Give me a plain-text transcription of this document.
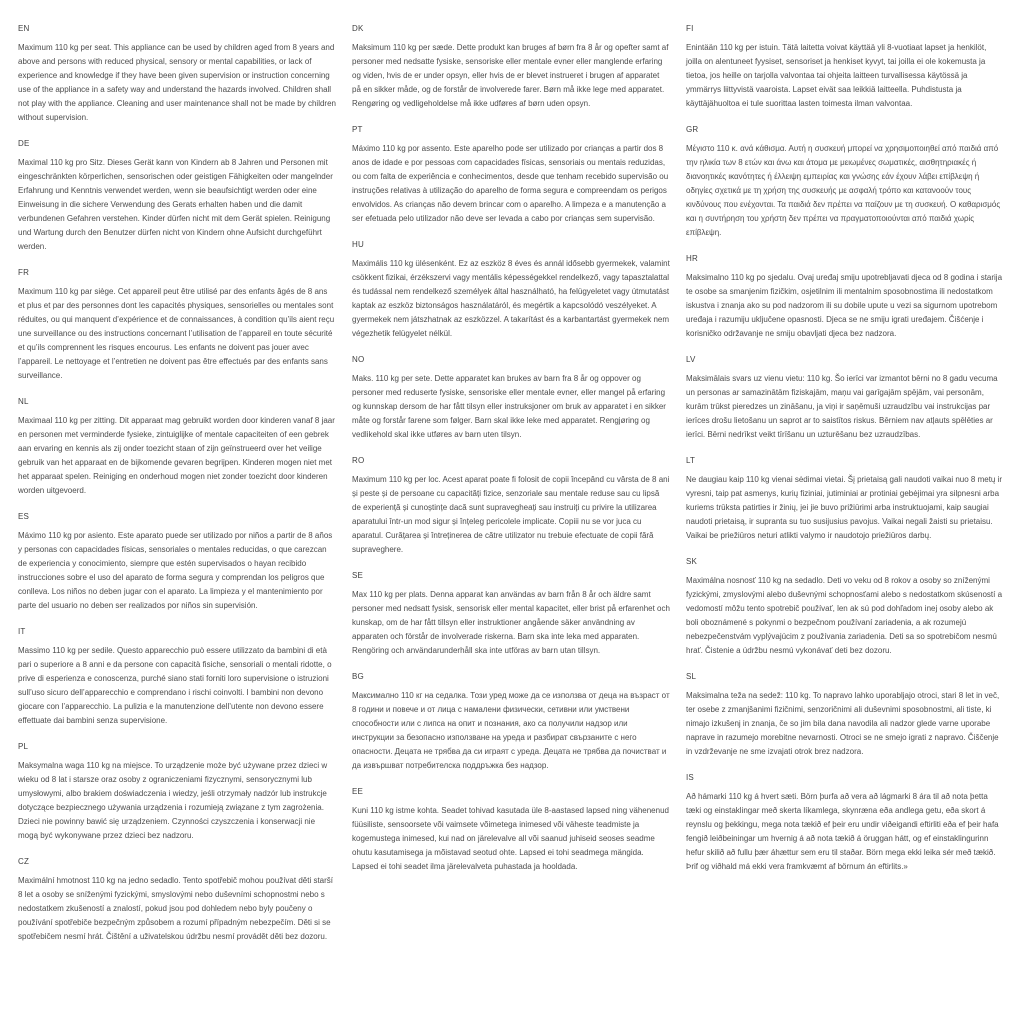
EN

Maximum 110 kg per seat. This appliance can be used by children aged from 8 years and above and persons with reduced physical, sensory or mental capabilities, or lack of experience and knowledge if they have been given supervision or instruction concerning use of the appliance in a safety way and understand the hazards involved. Children shall not play with the appliance. Cleaning and user maintenance shall not be made by children without supervision.

DE

Maximal 110 kg pro Sitz. Dieses Gerät kann von Kindern ab 8 Jahren und Personen mit eingeschränkten körperlichen, sensorischen oder geistigen Fähigkeiten oder mangelnder Erfahrung und Kenntnis verwendet werden, wenn sie beaufsichtigt werden oder eine Einweisung in die sichere Verwendung des Gerats erhalten haben und die damit verbundenen Gefahren verstehen. Kinder dürfen nicht mit dem Gerät spielen. Reinigung und Wartung durch den Benutzer dürfen nicht von Kindern ohne Aufsicht durchgeführt werden.

FR

Maximum 110 kg par siège. Cet appareil peut être utilisé par des enfants âgés de 8 ans et plus et par des personnes dont les capacités physiques, sensorielles ou mentales sont réduites, ou qui manquent d’expérience et de connaissances, à condition qu’ils aient reçu une surveillance ou des instructions concernant l’utilisation de l’appareil en toute sécurité et qu’ils comprennent les risques encourus. Les enfants ne doivent pas jouer avec l’appareil. Le nettoyage et l’entretien ne doivent pas être effectués par des enfants sans surveillance.

NL

Maximaal 110 kg per zitting. Dit apparaat mag gebruikt worden door kinderen vanaf 8 jaar en personen met verminderde fysieke, zintuiglijke of mentale capaciteiten of een gebrek aan ervaring en kennis als zij onder toezicht staan of zijn geïnstrueerd over het veilige gebruik van het apparaat en de bijkomende gevaren begrijpen. Kinderen mogen niet met het apparaat spelen. Reiniging en onderhoud mogen niet zonder toezicht door kinderen worden uitgevoerd.

ES

Máximo 110 kg por asiento. Este aparato puede ser utilizado por niños a partir de 8 años y personas con capacidades físicas, sensoriales o mentales reducidas, o que carezcan de experiencia y conocimiento, siempre que estén supervisados o hayan recibido instrucciones sobre el uso del aparato de forma segura y comprendan los peligros que conlleva. Los niños no deben jugar con el aparato. La limpieza y el mantenimiento por parte del usuario no deben ser realizados por niños sin supervisión.

IT

Massimo 110 kg per sedile. Questo apparecchio può essere utilizzato da bambini di età pari o superiore a 8 anni e da persone con capacità fisiche, sensoriali o mentali ridotte, o prive di esperienza e conoscenza, purché siano stati forniti loro supervisione o istruzioni sull’uso sicuro dell’apparecchio e comprendano i rischi coinvolti. I bambini non devono giocare con l’apparecchio. La pulizia e la manutenzione dell’utente non devono essere effettuate dai bambini senza supervisione.

PL

Maksymalna waga 110 kg na miejsce. To urządzenie może być używane przez dzieci w wieku od 8 lat i starsze oraz osoby z ograniczeniami fizycznymi, sensorycznymi lub umysłowymi, albo brakiem doświadczenia i wiedzy, jeśli otrzymały nadzór lub instrukcje dotyczące bezpiecznego używania urządzenia i rozumieją związane z tym zagrożenia. Dzieci nie powinny bawić się urządzeniem. Czynności czyszczenia i konserwacji nie mogą być wykonywane przez dzieci bez nadzoru.

CZ

Maximální hmotnost 110 kg na jedno sedadlo. Tento spotřebič mohou používat děti starší 8 let a osoby se sníženými fyzickými, smyslovými nebo duševními schopnostmi nebo s nedostatkem zkušeností a znalostí, pokud jsou pod dohledem nebo byly poučeny o používání spotřebiče bezpečným způsobem a rozumí případným nebezpečím. Děti si se spotřebičem nesmí hrát. Čištění a uživatelskou údržbu nesmí provádět děti bez dozoru.

DK

Maksimum 110 kg per sæde. Dette produkt kan bruges af børn fra 8 år og opefter samt af personer med nedsatte fysiske, sensoriske eller mentale evner eller manglende erfaring og viden, hvis de er under opsyn, eller hvis de er blevet instrueret i brugen af apparatet på en sikker måde, og de forstår de involverede farer. Børn må ikke lege med apparatet. Rengøring og vedligeholdelse må ikke udføres af børn uden opsyn.

PT

Máximo 110 kg por assento. Este aparelho pode ser utilizado por crianças a partir dos 8 anos de idade e por pessoas com capacidades físicas, sensoriais ou mentais reduzidas, ou com falta de experiência e conhecimentos, desde que tenham recebido supervisão ou instruções relativas à utilização do aparelho de forma segura e compreendam os perigos envolvidos. As crianças não devem brincar com o aparelho. A limpeza e a manutenção a ser efetuada pelo utilizador não deve ser levada a cabo por crianças sem supervisão.

HU

Maximális 110 kg ülésenként. Ez az eszköz 8 éves és annál idősebb gyermekek, valamint csökkent fizikai, érzékszervi vagy mentális képességekkel rendelkező, vagy tapasztalattal és tudással nem rendelkező személyek által használható, ha felügyeletet vagy útmutatást kaptak az eszköz biztonságos használatáról, és megértik a kapcsolódó veszélyeket. A gyermekek nem játszhatnak az eszközzel. A takarítást és a karbantartást gyermekek nem végezhetik felügyelet nélkül.

NO

Maks. 110 kg per sete. Dette apparatet kan brukes av barn fra 8 år og oppover og personer med reduserte fysiske, sensoriske eller mentale evner, eller mangel på erfaring og kunnskap dersom de har fått tilsyn eller instruksjoner om bruk av apparatet i en sikker måte og forstår farene som følger. Barn skal ikke leke med apparatet. Rengjøring og vedlikehold skal ikke utføres av barn uten tilsyn.

RO

Maximum 110 kg per loc. Acest aparat poate fi folosit de copii începând cu vârsta de 8 ani și peste și de persoane cu capacități fizice, senzoriale sau mentale reduse sau cu lipsă de experiență și cunoștințe dacă sunt supravegheați sau instruiți cu privire la utilizarea aparatului într-un mod sigur și înțeleg pericolele implicate. Copiii nu se vor juca cu aparatul. Curățarea și întreținerea de către utilizator nu trebuie efectuate de copii fără supraveghere.

SE

Max 110 kg per plats. Denna apparat kan användas av barn från 8 år och äldre samt personer med nedsatt fysisk, sensorisk eller mental kapacitet, eller brist på erfarenhet och kunskap, om de har fått tillsyn eller instruktioner angående säker användning av apparaten och förstår de involverade riskerna. Barn ska inte leka med apparaten. Rengöring och användarunderhåll ska inte utföras av barn utan tillsyn.

BG

Максимално 110 кг на седалка. Този уред може да се използва от деца на възраст от 8 години и повече и от лица с намалени физически, сетивни или умствени способности или с липса на опит и познания, ако са получили надзор или инструкции за безопасно използване на уреда и разбират свързаните с него опасности. Децата не трябва да си играят с уреда. Децата не трябва да почистват и да извършват потребителска поддръжка без надзор.

EE

Kuni 110 kg istme kohta. Seadet tohivad kasutada üle 8-aastased lapsed ning vähenenud füüsiliste, sensoorsete või vaimsete võimetega inimesed või väheste teadmiste ja kogemustega inimesed, kui nad on järelevalve all või saanud juhiseid seoses seadme ohutu kasutamisega ja mõistavad seotud ohte. Lapsed ei tohi seadmega mängida. Lapsed ei tohi seadet ilma järelevalveta puhastada ja hooldada.

FI

Enintään 110 kg per istuin. Tätä laitetta voivat käyttää yli 8-vuotiaat lapset ja henkilöt, joilla on alentuneet fyysiset, sensoriset ja henkiset kyvyt, tai joilla ei ole kokemusta ja tietoa, jos heille on tarjolla valvontaa tai ohjeita laitteen turvallisessa käytössä ja ymmärrys liittyvistä vaaroista. Lapset eivät saa leikkiä laitteella. Puhdistusta ja käyttäjähuoltoa ei tule suorittaa lasten toimesta ilman valvontaa.

GR

Μέγιστο 110 κ. ανά κάθισμα. Αυτή η συσκευή μπορεί να χρησιμοποιηθεί από παιδιά από την ηλικία των 8 ετών και άνω και άτομα με μειωμένες σωματικές, αισθητηριακές ή διανοητικές ικανότητες ή έλλειψη εμπειρίας και γνώσης εάν έχουν λάβει επίβλεψη ή οδηγίες σχετικά με τη χρήση της συσκευής με ασφαλή τρόπο και κατανοούν τους κινδύνους που ενέχονται. Τα παιδιά δεν πρέπει να παίζουν με τη συσκευή. Ο καθαρισμός και η συντήρηση του χρήστη δεν πρέπει να πραγματοποιούνται από παιδιά χωρίς επίβλεψη.

HR

Maksimalno 110 kg po sjedalu. Ovaj uređaj smiju upotrebljavati djeca od 8 godina i starija te osobe sa smanjenim fizičkim, osjetilnim ili mentalnim sposobnostima ili nedostatkom iskustva i znanja ako su pod nadzorom ili su dobile upute u vezi sa sigurnom upotrebom uređaja i razumiju uključene opasnosti. Djeca se ne smiju igrati uređajem. Čišćenje i korisničko održavanje ne smiju obavljati djeca bez nadzora.

LV

Maksimālais svars uz vienu vietu: 110 kg. Šo ierīci var izmantot bērni no 8 gadu vecuma un personas ar samazinātām fiziskajām, maņu vai garīgajām spējām, vai personām, kurām trūkst pieredzes un zināšanu, ja viņi ir saņēmuši uzraudzību vai instrukcijas par ierīces drošu lietošanu un saprot ar to saistītos riskus. Bērniem nav atļauts spēlēties ar ierīci. Bērni nedrīkst veikt tīrīšanu un uzturēšanu bez uzraudzības.

LT

Ne daugiau kaip 110 kg vienai sėdimai vietai. Šį prietaisą gali naudoti vaikai nuo 8 metų ir vyresni, taip pat asmenys, kurių fiziniai, jutiminiai ar protiniai gebėjimai yra silpnesni arba kuriems trūksta patirties ir žinių, jei jie buvo prižiūrimi arba instruktuojami, kaip saugiai naudoti prietaisą, ir supranta su tuo susijusius pavojus. Vaikai negali žaisti su prietaisu. Vaikai be priežiūros neturi atlikti valymo ir naudotojo priežiūros darbų.

SK

Maximálna nosnosť 110 kg na sedadlo. Deti vo veku od 8 rokov a osoby so zníženými fyzickými, zmyslovými alebo duševnými schopnosťami alebo s nedostatkom skúseností a vedomostí môžu tento spotrebič používať, len ak sú pod dohľadom inej osoby alebo ak boli oboznámené s pokynmi o bezpečnom používaní zariadenia, a ak rozumejú nebezpečenstvám vyplývajúcim z používania zariadenia. Deti sa so spotrebičom nesmú hrať. Čistenie a údržbu nesmú vykonávať deti bez dozoru.

SL

Maksimalna teža na sedež: 110 kg. To napravo lahko uporabljajo otroci, stari 8 let in več, ter osebe z zmanjšanimi fizičnimi, senzoričnimi ali duševnimi sposobnostmi, ali tiste, ki nimajo izkušenj in znanja, če so jim bila dana navodila ali nadzor glede varne uporabe naprave in razumejo morebitne nevarnosti. Otroci se ne smejo igrati z napravo. Čiščenje in vzdrževanje ne sme izvajati otrok brez nadzora.

IS

Að hámarki 110 kg á hvert sæti. Börn þurfa að vera að lágmarki 8 ára til að nota þetta tæki og einstaklingar með skerta líkamlega, skynræna eða andlega getu, eða skort á reynslu og þekkingu, mega nota tækið ef þeir eru undir viðeigandi eftirliti eða ef þeir hafa fengið leiðbeiningar um hvernig á að nota tækið á öruggan hátt, og ef einstaklingurinn hefur skilið að fullu þær áhættur sem eru til staðar. Börn mega ekki leika sér með tækið. Þrif og viðhald má ekki vera framkvæmt af börnum án eftirlits.»
